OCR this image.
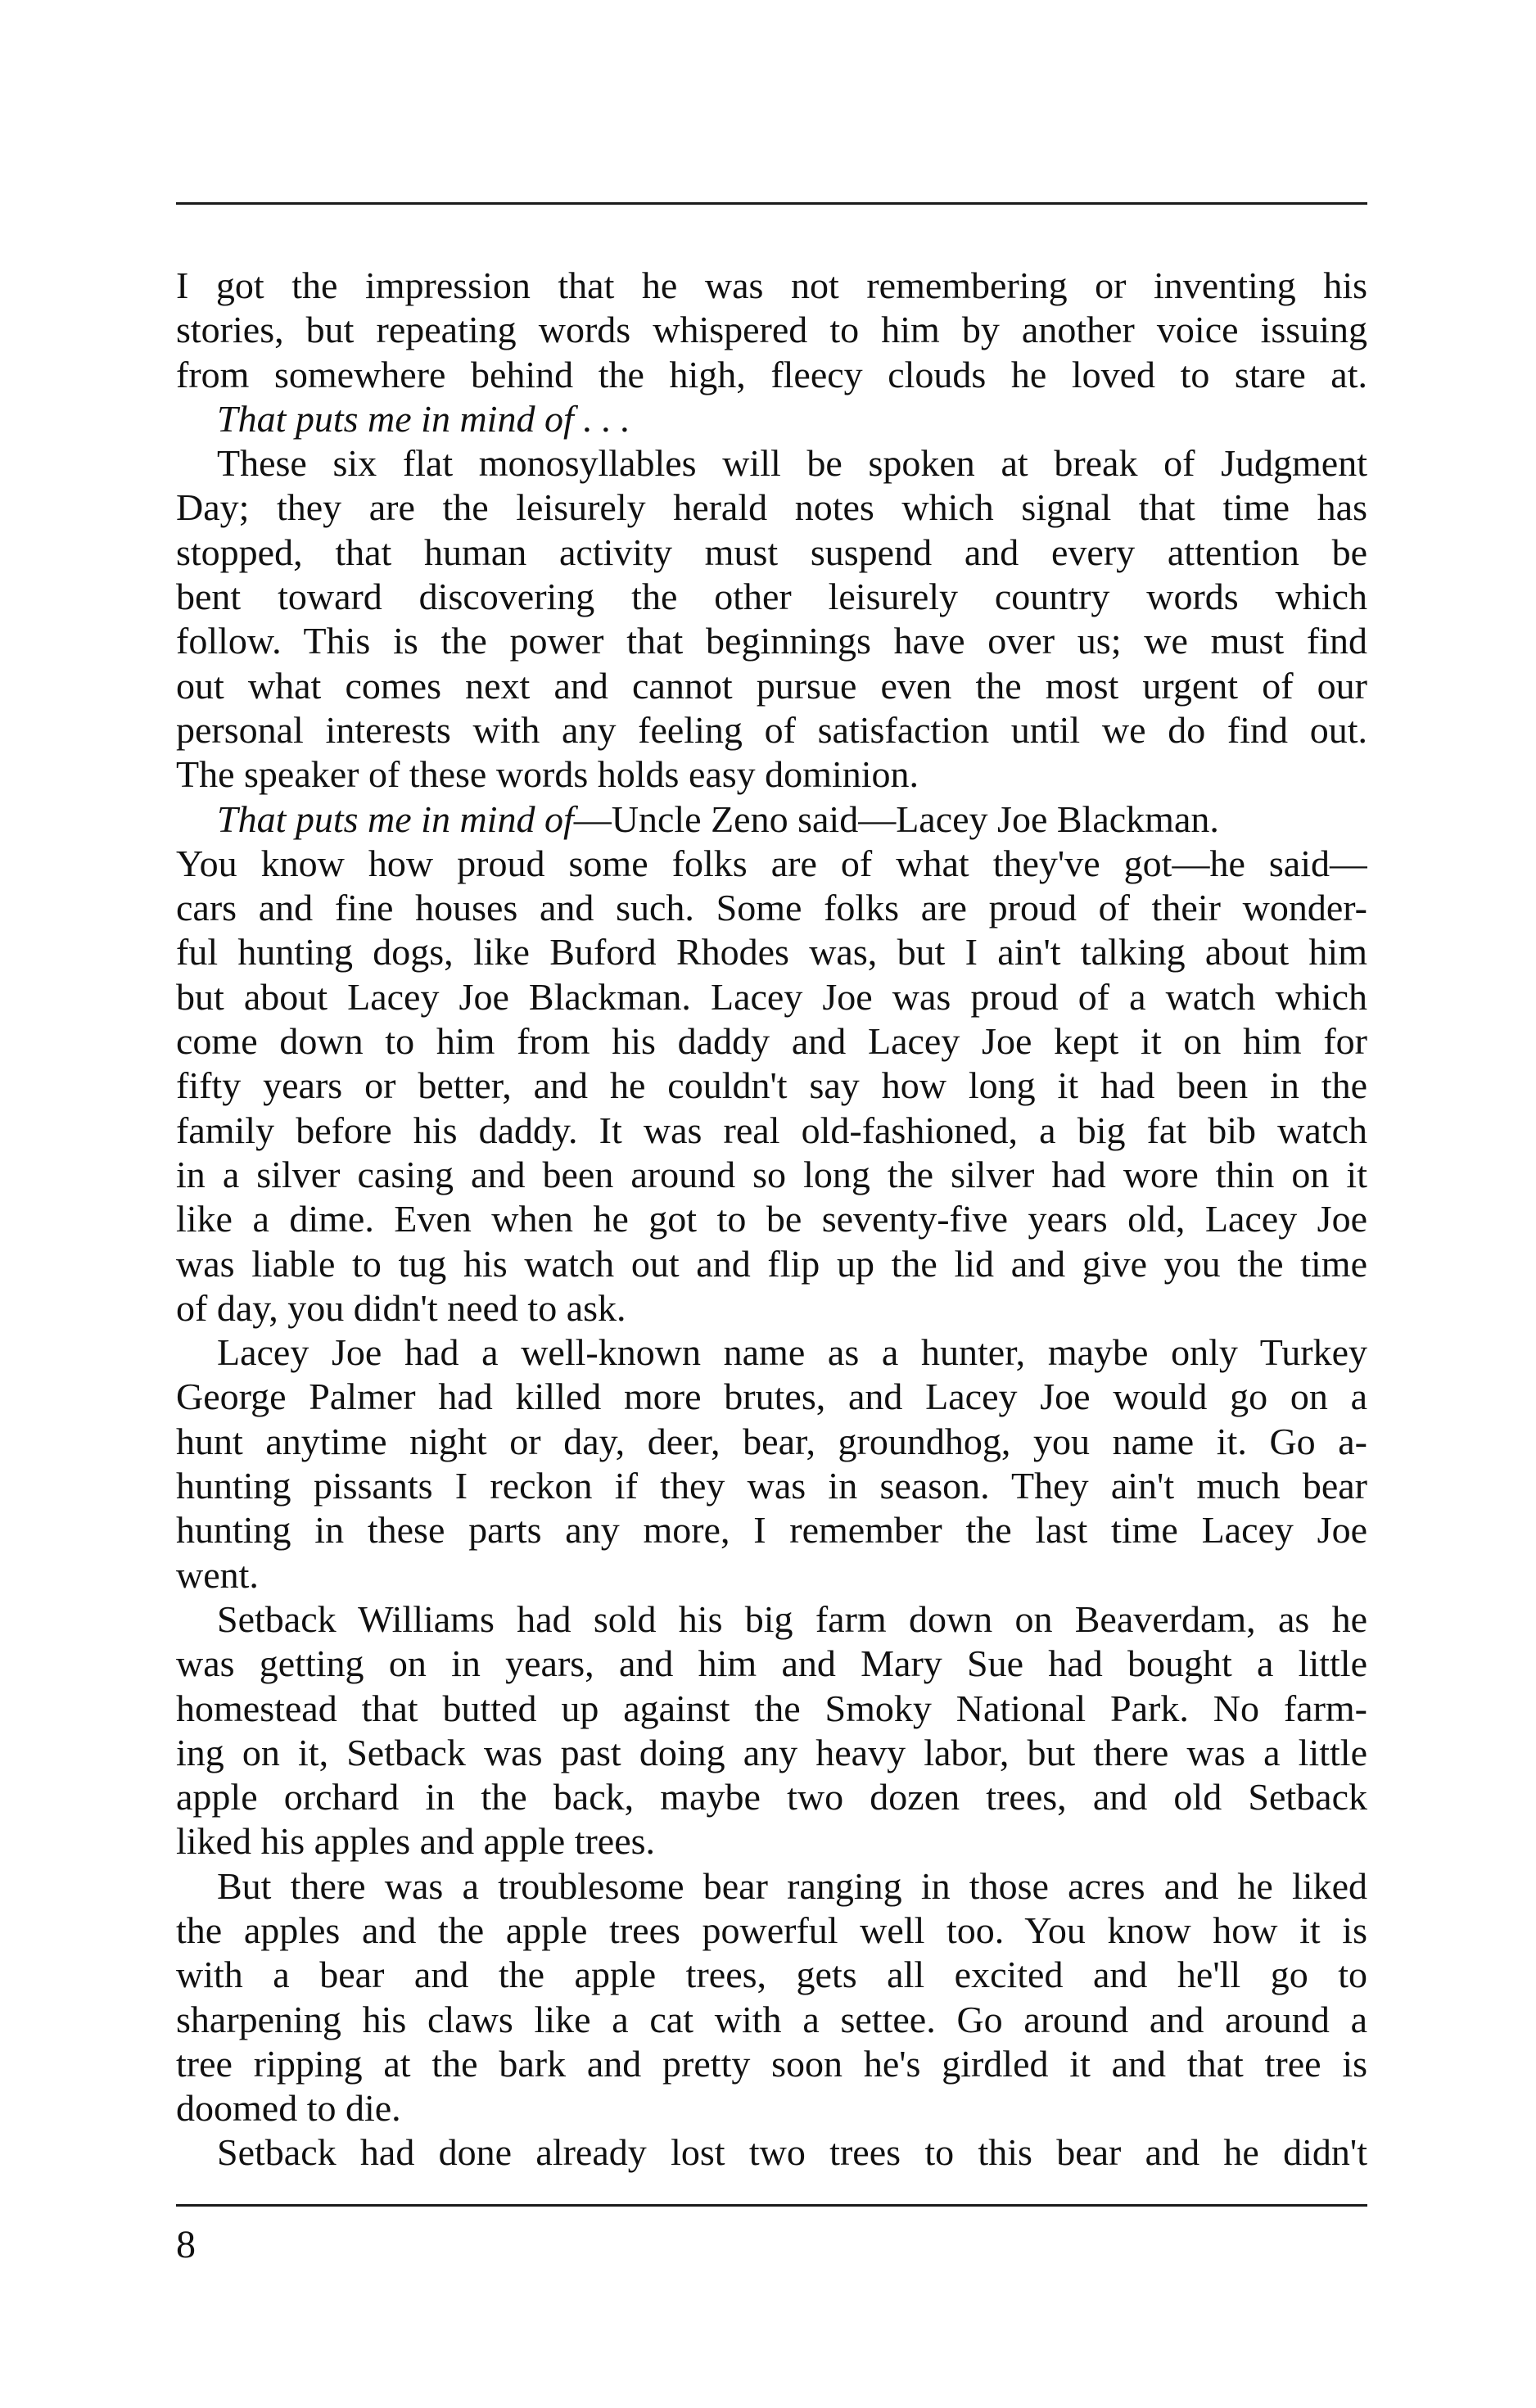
I got the impression that he was not remembering or inventing his
stories, but repeating words whispered to him by another voice issuing
from somewhere behind the high, fleecy clouds he loved to stare at.
That puts me in mind of . . .
These six flat monosyllables will be spoken at break of Judgment
Day; they are the leisurely herald notes which signal that time has
stopped, that human activity must suspend and every attention be
bent toward discovering the other leisurely country words which
follow. This is the power that beginnings have over us; we must find
out what comes next and cannot pursue even the most urgent of our
personal interests with any feeling of satisfaction until we do find out.
The speaker of these words holds easy dominion.
That puts me in mind of—Uncle Zeno said—Lacey Joe Blackman.
You know how proud some folks are of what they've got—he said—
cars and fine houses and such. Some folks are proud of their wonder-
ful hunting dogs, like Buford Rhodes was, but I ain't talking about him
but about Lacey Joe Blackman. Lacey Joe was proud of a watch which
come down to him from his daddy and Lacey Joe kept it on him for
fifty years or better, and he couldn't say how long it had been in the
family before his daddy. It was real old-fashioned, a big fat bib watch
in a silver casing and been around so long the silver had wore thin on it
like a dime. Even when he got to be seventy-five years old, Lacey Joe
was liable to tug his watch out and flip up the lid and give you the time
of day, you didn't need to ask.
Lacey Joe had a well-known name as a hunter, maybe only Turkey
George Palmer had killed more brutes, and Lacey Joe would go on a
hunt anytime night or day, deer, bear, groundhog, you name it. Go a-
hunting pissants I reckon if they was in season. They ain't much bear
hunting in these parts any more, I remember the last time Lacey Joe
went.
Setback Williams had sold his big farm down on Beaverdam, as he
was getting on in years, and him and Mary Sue had bought a little
homestead that butted up against the Smoky National Park. No farm-
ing on it, Setback was past doing any heavy labor, but there was a little
apple orchard in the back, maybe two dozen trees, and old Setback
liked his apples and apple trees.
But there was a troublesome bear ranging in those acres and he liked
the apples and the apple trees powerful well too. You know how it is
with a bear and the apple trees, gets all excited and he'll go to
sharpening his claws like a cat with a settee. Go around and around a
tree ripping at the bark and pretty soon he's girdled it and that tree is
doomed to die.
Setback had done already lost two trees to this bear and he didn't
8
